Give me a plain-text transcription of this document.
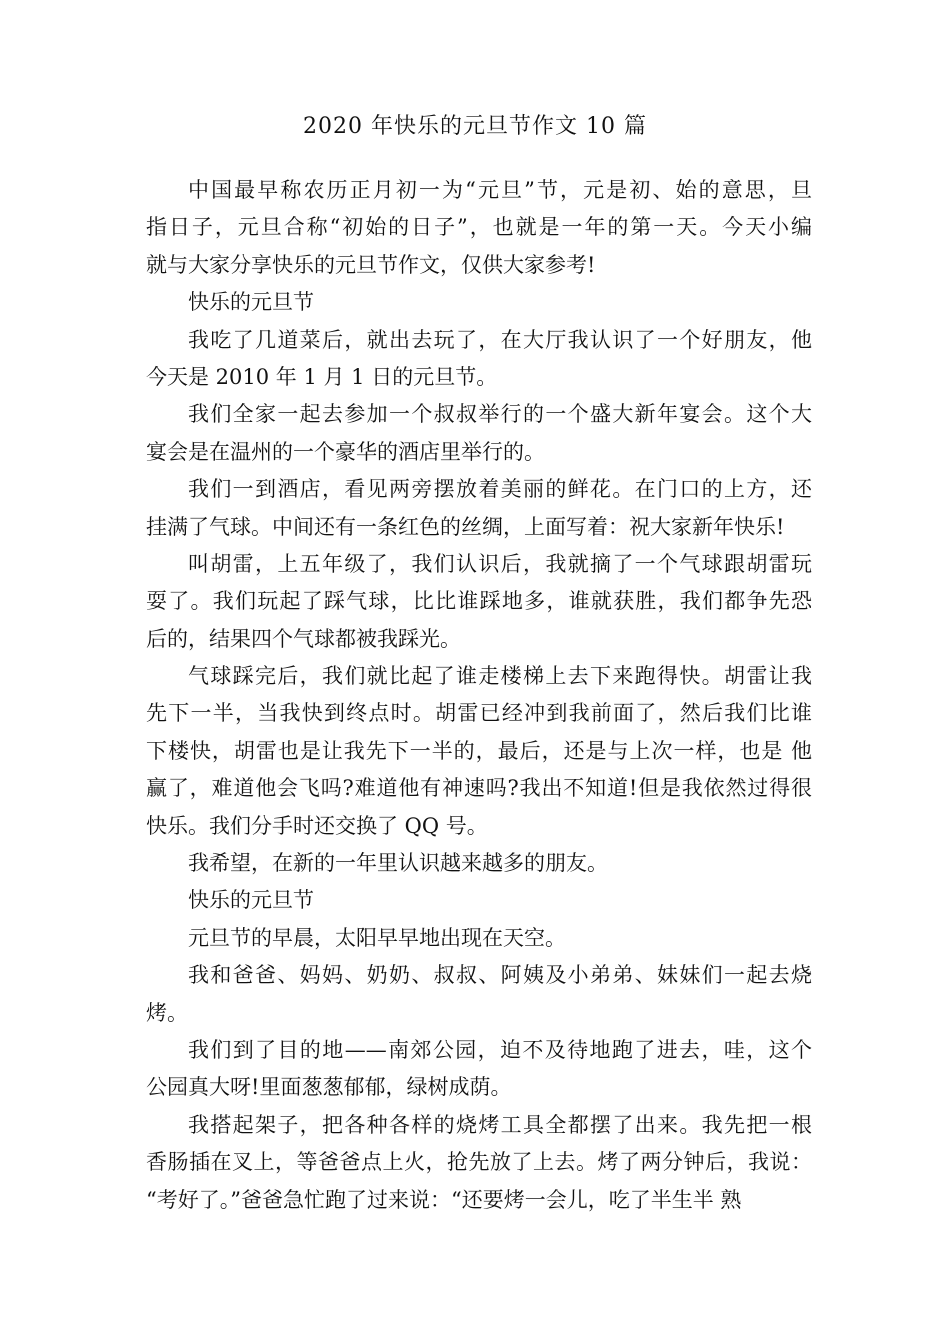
2020 年快乐的元旦节作文 10 篇
中国最早称农历正月初一为“元旦”节，元是初、始的意思，旦
指日子，元旦合称“初始的日子”，也就是一年的第一天。今天小编
就与大家分享快乐的元旦节作文，仅供大家参考!
快乐的元旦节
我吃了几道菜后，就出去玩了，在大厅我认识了一个好朋友，他
今天是 2010 年 1 月 1 日的元旦节。
我们全家一起去参加一个叔叔举行的一个盛大新年宴会。这个大
宴会是在温州的一个豪华的酒店里举行的。
我们一到酒店，看见两旁摆放着美丽的鲜花。在门口的上方，还
挂满了气球。中间还有一条红色的丝绸，上面写着：祝大家新年快乐!
叫胡雷，上五年级了，我们认识后，我就摘了一个气球跟胡雷玩
耍了。我们玩起了踩气球，比比谁踩地多，谁就获胜，我们都争先恐
后的，结果四个气球都被我踩光。
气球踩完后，我们就比起了谁走楼梯上去下来跑得快。胡雷让我
先下一半，当我快到终点时。胡雷已经冲到我前面了，然后我们比谁
下楼快，胡雷也是让我先下一半的，最后，还是与上次一样，也是 他
赢了，难道他会飞吗?难道他有神速吗?我出不知道!但是我依然过得很
快乐。我们分手时还交换了 QQ 号。
我希望，在新的一年里认识越来越多的朋友。
快乐的元旦节
元旦节的早晨，太阳早早地出现在天空。
我和爸爸、妈妈、奶奶、叔叔、阿姨及小弟弟、妹妹们一起去烧
烤。
我们到了目的地——南郊公园，迫不及待地跑了进去，哇，这个
公园真大呀!里面葱葱郁郁，绿树成荫。
我搭起架子，把各种各样的烧烤工具全都摆了出来。我先把一根
香肠插在叉上，等爸爸点上火，抢先放了上去。烤了两分钟后，我说：
“考好了。”爸爸急忙跑了过来说：“还要烤一会儿，吃了半生半 熟
